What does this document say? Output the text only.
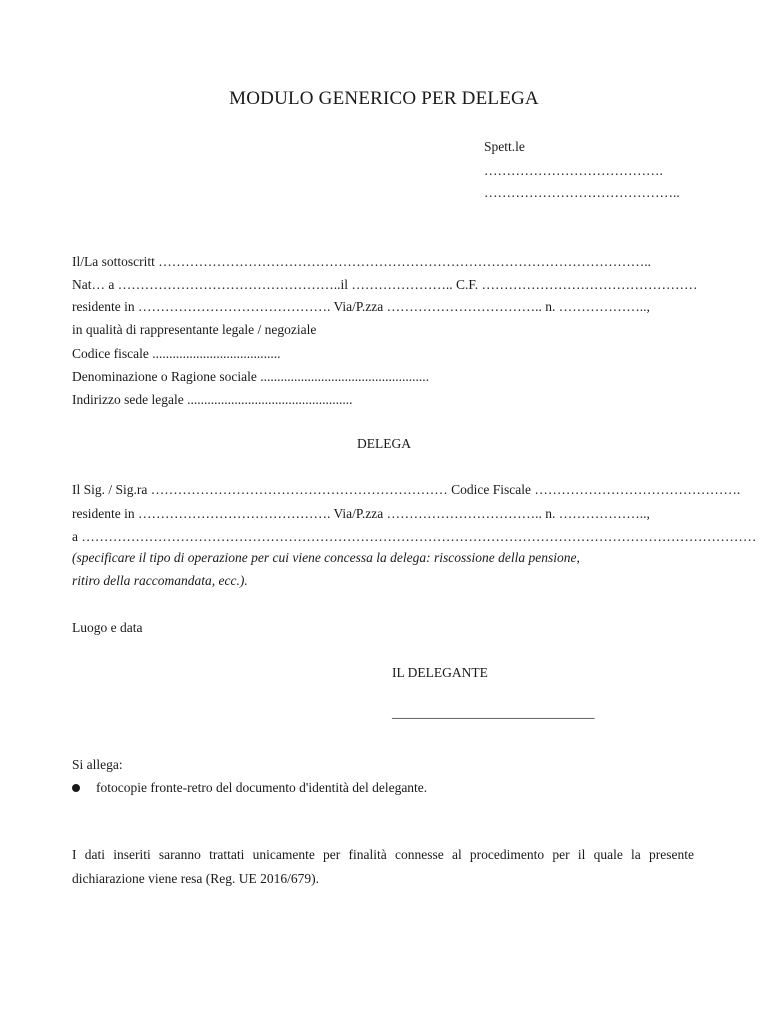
MODULO GENERICO PER DELEGA
Spett.le
………………………………….
……………………………………..
Il/La sottoscritt ………………………………………………………………………………………………..
Nat… a …………………………………………..il ………………….. C.F. …………………………………………
residente in ……………………………………. Via/P.zza …………………………….. n. ………………..,
in qualità di rappresentante legale / negoziale
Codice fiscale ......................................
Denominazione o Ragione sociale ..................................................
Indirizzo sede legale .................................................
DELEGA
Il Sig. / Sig.ra ………………………………………………………… Codice Fiscale ……………………………………….
residente in ……………………………………. Via/P.zza …………………………….. n. ………………..,
a ……………………………………………………………………………………………………………………………………
(specificare il tipo di operazione per cui viene concessa la delega: riscossione della pensione,
ritiro della raccomandata, ecc.).
Luogo e data
IL DELEGANTE
______________________________
Si allega:
fotocopie fronte-retro del documento d'identità del delegante.
I dati inseriti saranno trattati unicamente per finalità connesse al procedimento per il quale la presente dichiarazione viene resa (Reg. UE 2016/679).
